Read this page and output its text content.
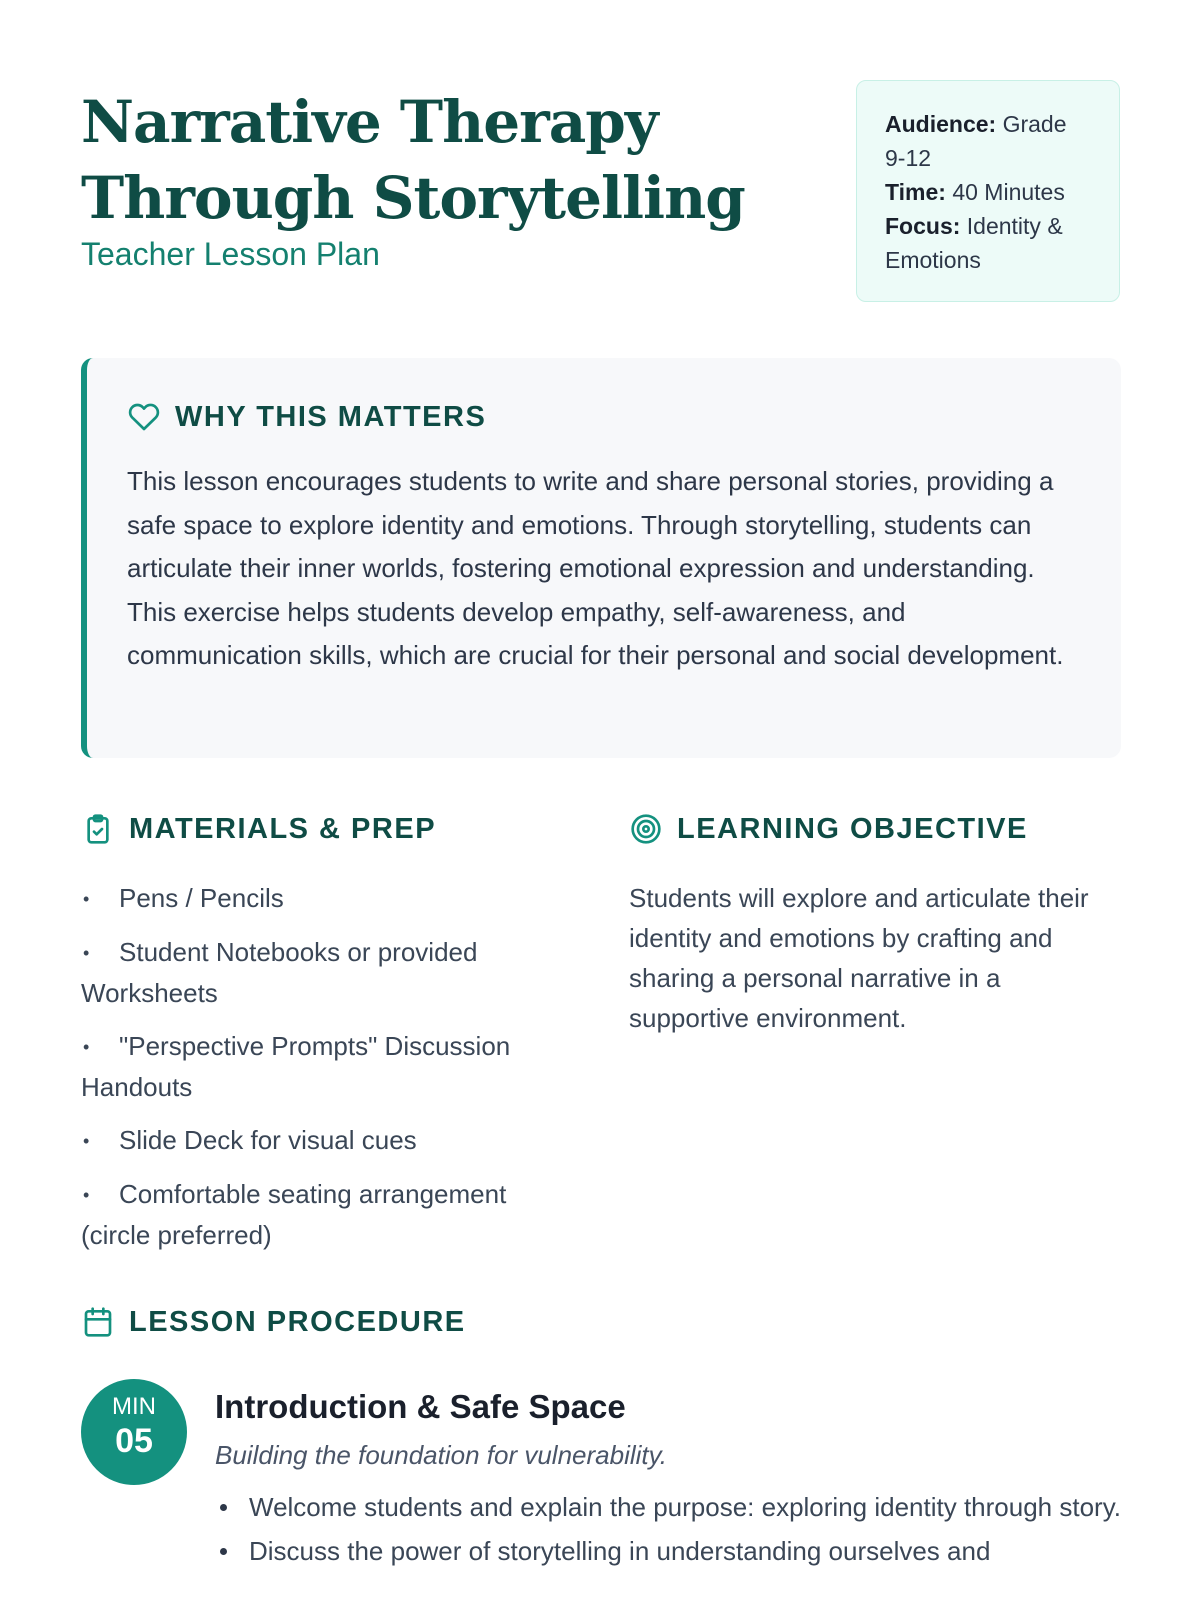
Narrative Therapy Through Storytelling

Teacher Lesson Plan

Audience: Grade 9-12
Time: 40 Minutes
Focus: Identity & Emotions
WHY THIS MATTERS

This lesson encourages students to write and share personal stories, providing a safe space to explore identity and emotions. Through storytelling, students can articulate their inner worlds, fostering emotional expression and understanding. This exercise helps students develop empathy, self-awareness, and communication skills, which are crucial for their personal and social development.

MATERIALS & PREP
• Pens / Pencils
• Student Notebooks or provided Worksheets
• "Perspective Prompts" Discussion Handouts
• Slide Deck for visual cues
• Comfortable seating arrangement (circle preferred)
LEARNING OBJECTIVE

Students will explore and articulate their identity and emotions by crafting and sharing a personal narrative in a supportive environment.

LESSON PROCEDURE
MIN
05
Introduction & Safe Space

Building the foundation for vulnerability.

Welcome students and explain the purpose: exploring identity through story.
Discuss the power of storytelling in understanding ourselves and
